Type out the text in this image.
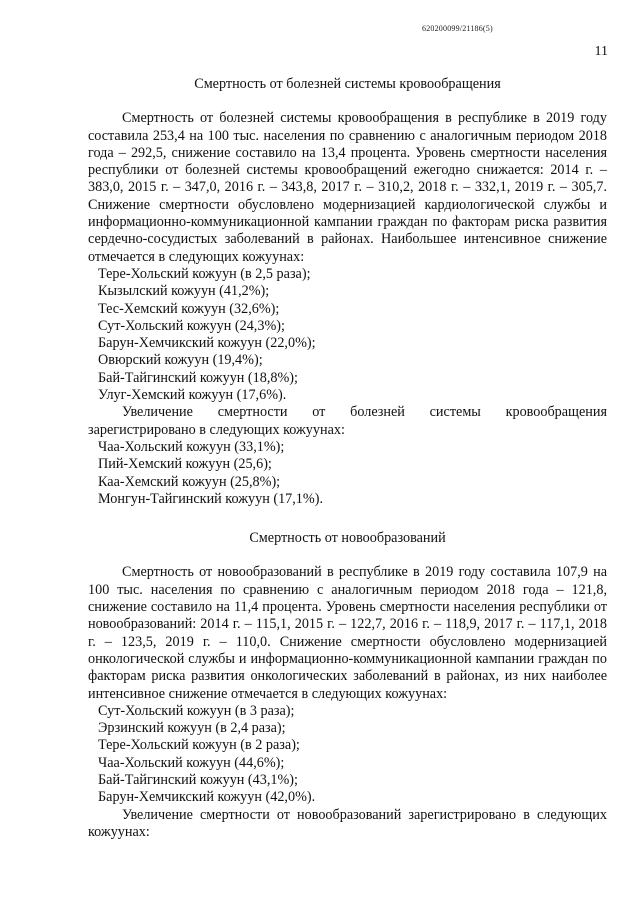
620200099/21186(5)
11
Смертность от болезней системы кровообращения

Смертность от болезней системы кровообращения в республике в 2019 году составила 253,4 на 100 тыс. населения по сравнению с аналогичным периодом 2018 года – 292,5, снижение составило на 13,4 процента. Уровень смертности населения республики от болезней системы кровообращений ежегодно снижается: 2014 г. – 383,0, 2015 г. – 347,0, 2016 г. – 343,8, 2017 г. – 310,2, 2018 г. – 332,1, 2019 г. – 305,7. Снижение смертности обусловлено модернизацией кардиологической службы и информационно-коммуникационной кампании граждан по факторам риска развития сердечно-сосудистых заболеваний в районах. Наибольшее интенсивное снижение отмечается в следующих кожуунах:

Тере-Хольский кожуун (в 2,5 раза);
Кызылский кожуун (41,2%);
Тес-Хемский кожуун (32,6%);
Сут-Хольский кожуун (24,3%);
Барун-Хемчикский кожуун (22,0%);
Овюрский кожуун (19,4%);
Бай-Тайгинский кожуун (18,8%);
Улуг-Хемский кожуун (17,6%).

Увеличение смертности от болезней системы кровообращения зарегистрировано в следующих кожуунах:

Чаа-Хольский кожуун (33,1%);
Пий-Хемский кожуун (25,6);
Каа-Хемский кожуун (25,8%);
Монгун-Тайгинский кожуун (17,1%).
Смертность от новообразований

Смертность от новообразований в республике в 2019 году составила 107,9 на 100 тыс. населения по сравнению с аналогичным периодом 2018 года – 121,8, снижение составило на 11,4 процента. Уровень смертности населения республики от новообразований: 2014 г. – 115,1, 2015 г. – 122,7, 2016 г. – 118,9, 2017 г. – 117,1, 2018 г. – 123,5, 2019 г. – 110,0. Снижение смертности обусловлено модернизацией онкологической службы и информационно-коммуникационной кампании граждан по факторам риска развития онкологических заболеваний в районах, из них наиболее интенсивное снижение отмечается в следующих кожуунах:

Сут-Хольский кожуун (в 3 раза);
Эрзинский кожуун (в 2,4 раза);
Тере-Хольский кожуун (в 2 раза);
Чаа-Хольский кожуун (44,6%);
Бай-Тайгинский кожуун (43,1%);
Барун-Хемчикский кожуун (42,0%).

Увеличение смертности от новообразований зарегистрировано в следующих кожуунах:
